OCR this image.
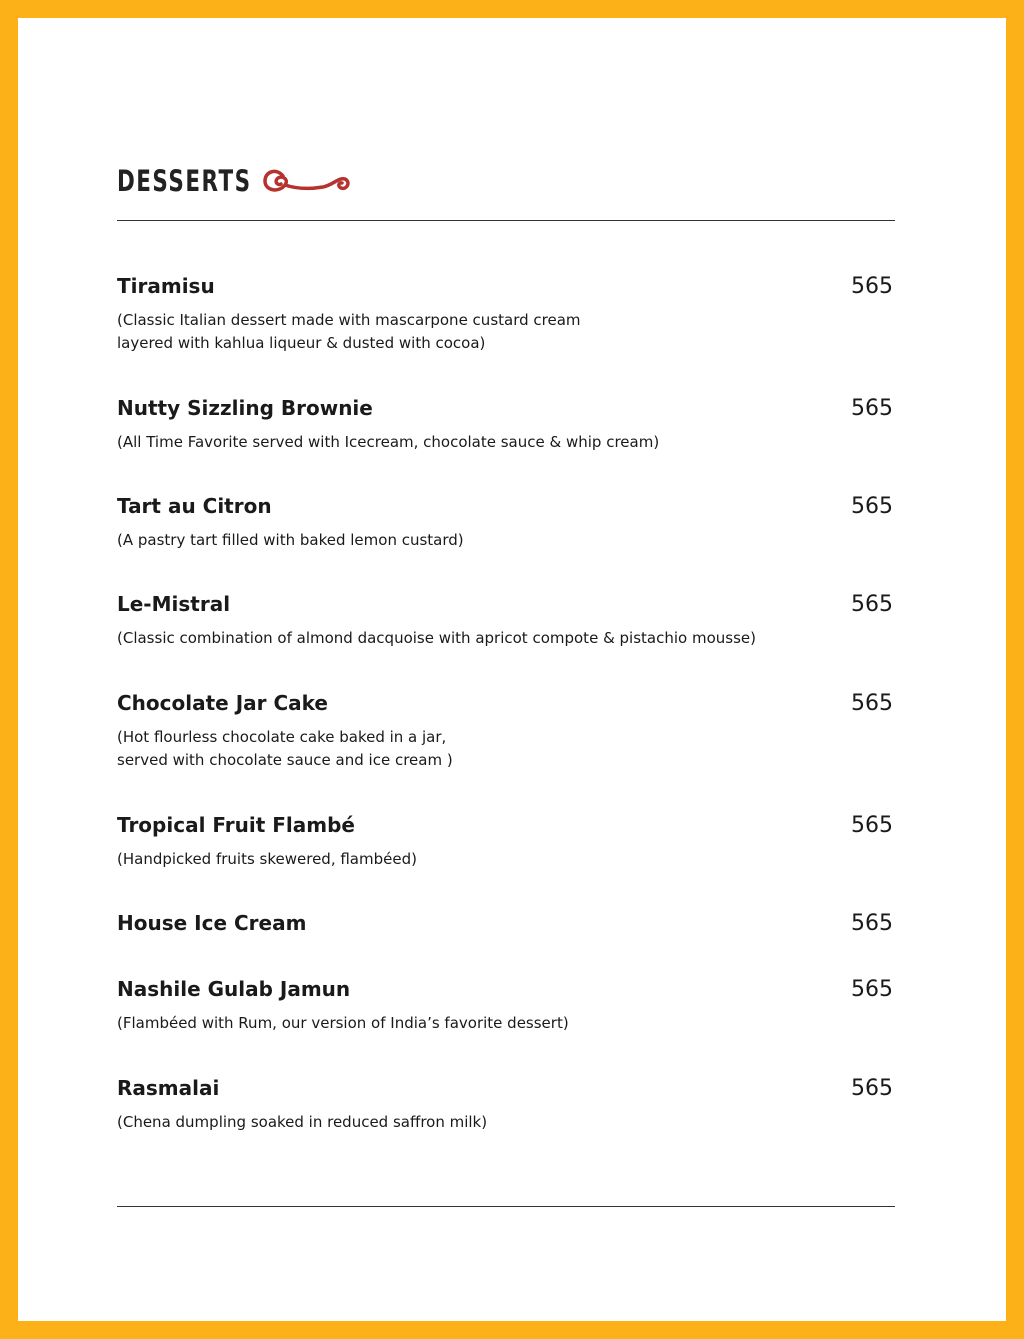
DESSERTS
Tiramisu	565
(Classic Italian dessert made with mascarpone custard cream
layered with kahlua liqueur & dusted with cocoa)
Nutty Sizzling Brownie	565
(All Time Favorite served with Icecream, chocolate sauce & whip cream)
Tart au Citron	565
(A pastry tart filled with baked lemon custard)
Le-Mistral	565
(Classic combination of almond dacquoise with apricot compote & pistachio mousse)
Chocolate Jar Cake	565
(Hot flourless chocolate cake baked in a jar,
served with chocolate sauce and ice cream )
Tropical Fruit Flambé	565
(Handpicked fruits skewered, flambéed)
House Ice Cream	565
Nashile Gulab Jamun	565
(Flambéed with Rum, our version of India’s favorite dessert)
Rasmalai	565
(Chena dumpling soaked in reduced saffron milk)
